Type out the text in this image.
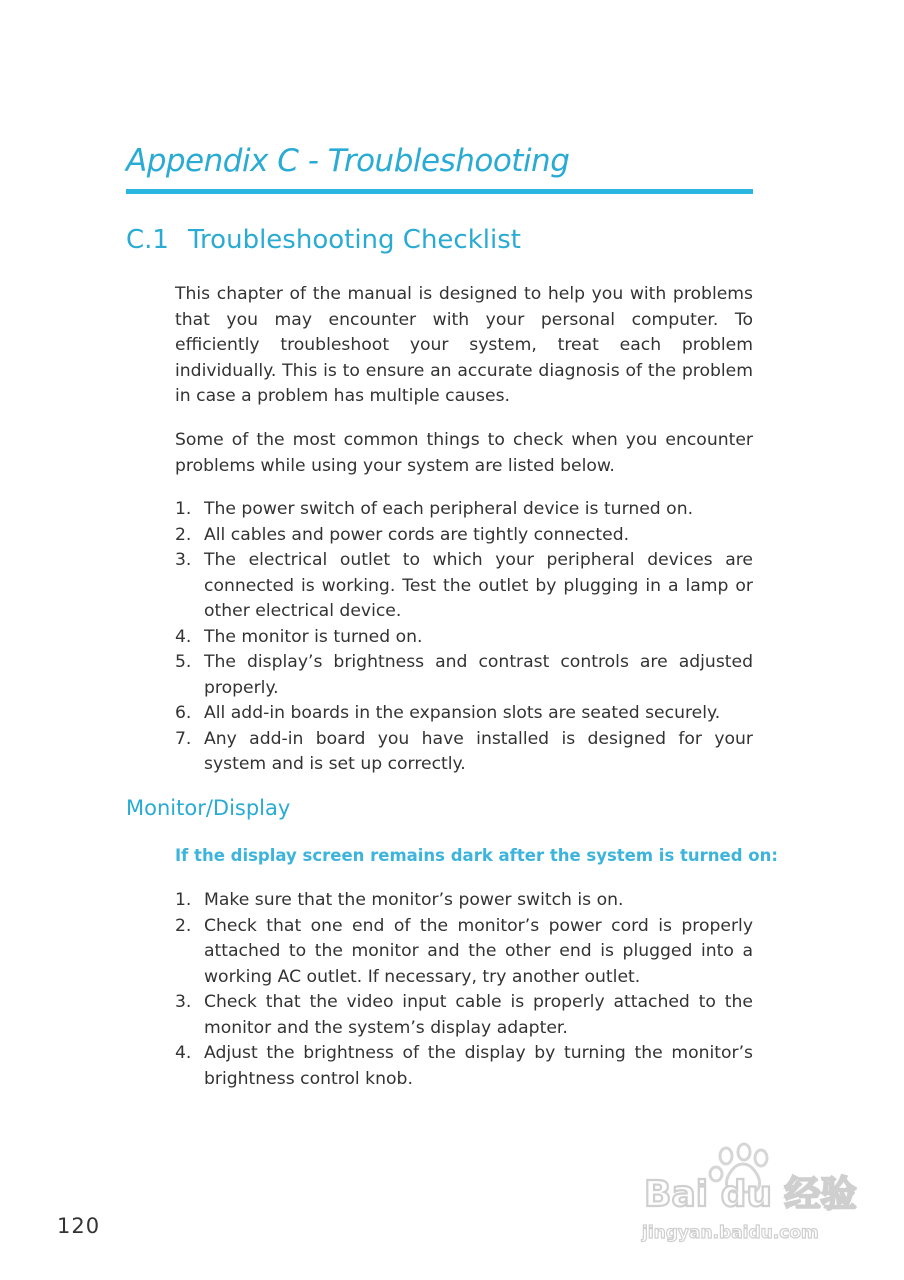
Appendix C - Troubleshooting
C.1 Troubleshooting Checklist
This chapter of the manual is designed to help you with problems that you may encounter with your personal computer. To efficiently troubleshoot your system, treat each problem individually. This is to ensure an accurate diagnosis of the problem in case a problem has multiple causes.
Some of the most common things to check when you encounter problems while using your system are listed below.
1. The power switch of each peripheral device is turned on.
2. All cables and power cords are tightly connected.
3. The electrical outlet to which your peripheral devices are connected is working. Test the outlet by plugging in a lamp or other electrical device.
4. The monitor is turned on.
5. The display’s brightness and contrast controls are adjusted properly.
6. All add-in boards in the expansion slots are seated securely.
7. Any add-in board you have installed is designed for your system and is set up correctly.
Monitor/Display
If the display screen remains dark after the system is turned on:
1. Make sure that the monitor’s power switch is on.
2. Check that one end of the monitor’s power cord is properly attached to the monitor and the other end is plugged into a working AC outlet. If necessary, try another outlet.
3. Check that the video input cable is properly attached to the monitor and the system’s display adapter.
4. Adjust the brightness of the display by turning the monitor’s brightness control knob.
120
Bai du 经验
jingyan.baidu.com
